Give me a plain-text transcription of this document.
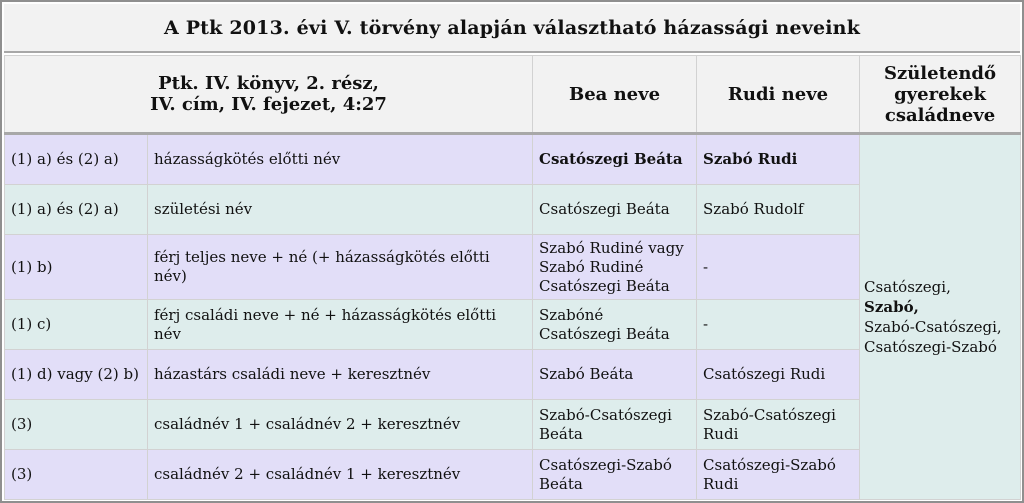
A Ptk 2013. évi V. törvény alapján választható házassági neveink
Ptk. IV. könyv, 2. rész,
IV. cím, IV. fejezet, 4:27		Bea neve	Rudi neve	Születendő
gyerekek
családneve
(1) a) és (2) a)	házasságkötés előtti név	Csatószegi Beáta	Szabó Rudi	Csatószegi,
Szabó,
Szabó-Csatószegi,
Csatószegi-Szabó
(1) a) és (2) a)	születési név	Csatószegi Beáta	Szabó Rudolf	
(1) b)	férj teljes neve + né (+ házasságkötés előtti név)	Szabó Rudiné vagy Szabó Rudiné Csatószegi Beáta	-	
(1) c)	férj családi neve + né + házasságkötés előtti név	Szabóné Csatószegi Beáta	-	
(1) d) vagy (2) b)	házastárs családi neve + keresztnév	Szabó Beáta	Csatószegi Rudi	
(3)	családnév 1 + családnév 2 + keresztnév	Szabó-Csatószegi Beáta	Szabó-Csatószegi Rudi	
(3)	családnév 2 + családnév 1 + keresztnév	Csatószegi-Szabó Beáta	Csatószegi-Szabó Rudi	
